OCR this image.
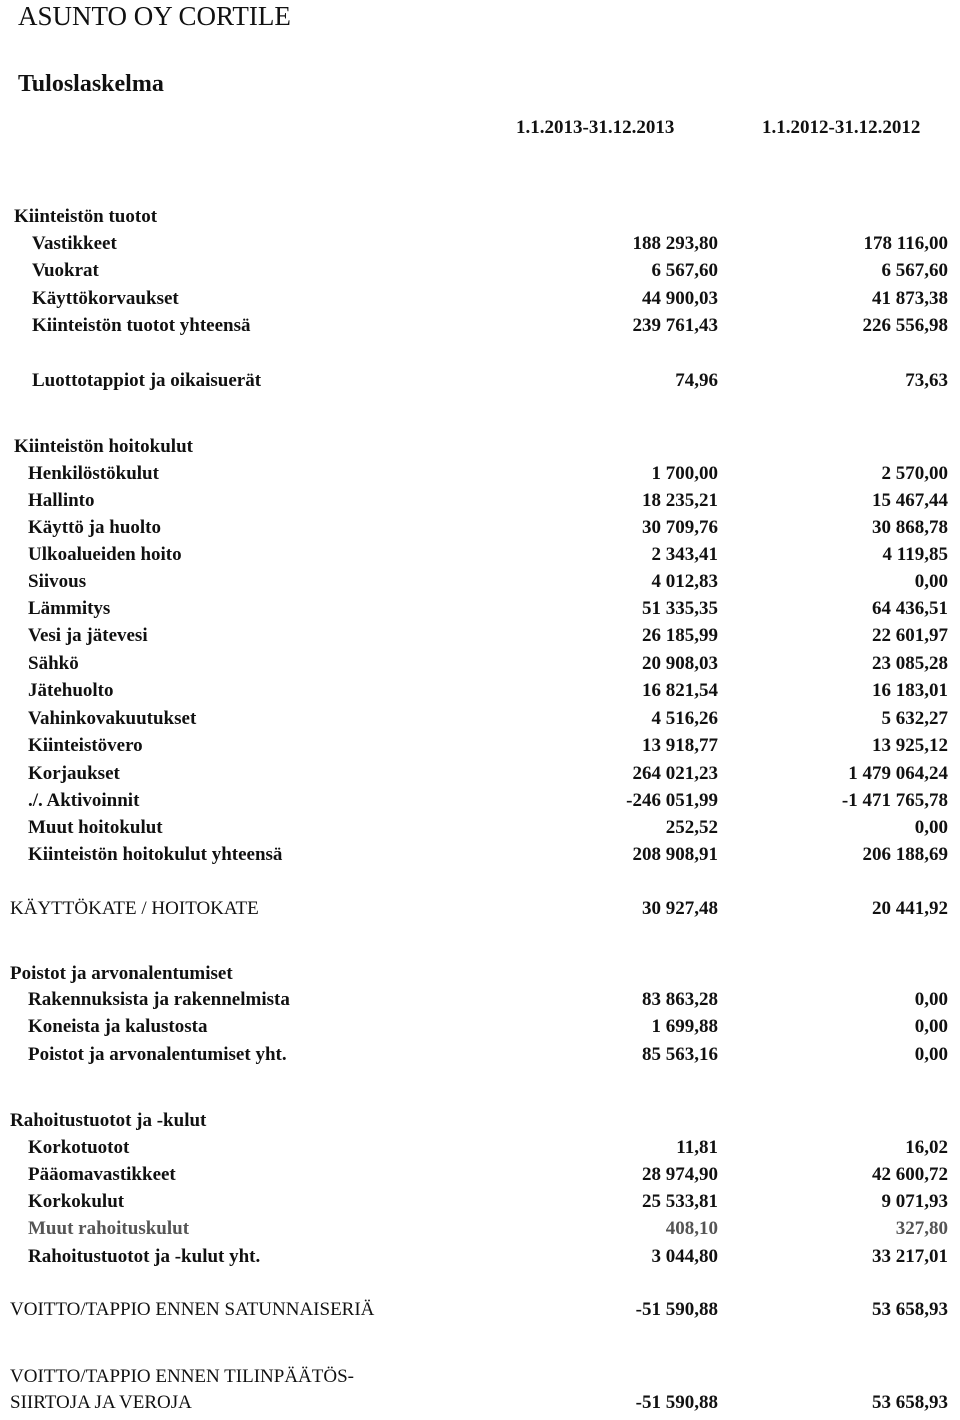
ASUNTO OY CORTILE
Tuloslaskelma
1.1.2013-31.12.2013	1.1.2012-31.12.2012
Kiinteistön tuotot
Vastikkeet	188 293,80	178 116,00
Vuokrat	6 567,60	6 567,60
Käyttökorvaukset	44 900,03	41 873,38
Kiinteistön tuotot yhteensä	239 761,43	226 556,98
Luottotappiot ja oikaisuerät	74,96	73,63
Kiinteistön hoitokulut
Henkilöstökulut	1 700,00	2 570,00
Hallinto	18 235,21	15 467,44
Käyttö ja huolto	30 709,76	30 868,78
Ulkoalueiden hoito	2 343,41	4 119,85
Siivous	4 012,83	0,00
Lämmitys	51 335,35	64 436,51
Vesi ja jätevesi	26 185,99	22 601,97
Sähkö	20 908,03	23 085,28
Jätehuolto	16 821,54	16 183,01
Vahinkovakuutukset	4 516,26	5 632,27
Kiinteistövero	13 918,77	13 925,12
Korjaukset	264 021,23	1 479 064,24
./. Aktivoinnit	-246 051,99	-1 471 765,78
Muut hoitokulut	252,52	0,00
Kiinteistön hoitokulut yhteensä	208 908,91	206 188,69
KÄYTTÖKATE / HOITOKATE	30 927,48	20 441,92
Poistot ja arvonalentumiset
Rakennuksista ja rakennelmista	83 863,28	0,00
Koneista ja kalustosta	1 699,88	0,00
Poistot ja arvonalentumiset yht.	85 563,16	0,00
Rahoitustuotot ja -kulut
Korkotuotot	11,81	16,02
Pääomavastikkeet	28 974,90	42 600,72
Korkokulut	25 533,81	9 071,93
Muut rahoituskulut	408,10	327,80
Rahoitustuotot ja -kulut yht.	3 044,80	33 217,01
VOITTO/TAPPIO ENNEN SATUNNAISERIÄ	-51 590,88	53 658,93
VOITTO/TAPPIO ENNEN TILINPÄÄTÖS-
SIIRTOJA JA VEROJA	-51 590,88	53 658,93
